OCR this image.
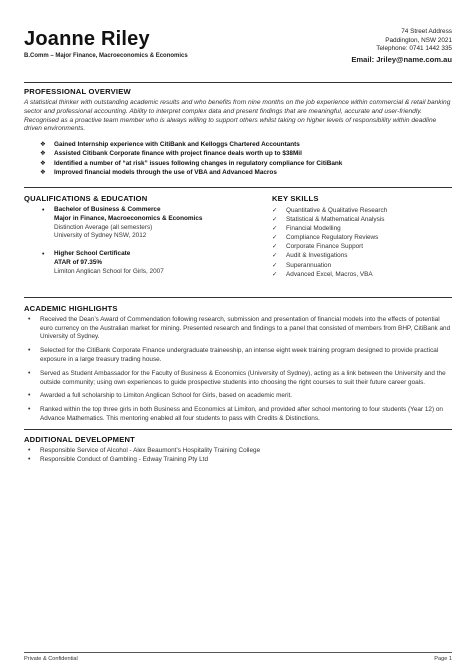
Joanne Riley
B.Comm – Major Finance, Macroeconomics & Economics
74 Street Address
Paddington, NSW 2021
Telephone: 0741 1442 335
Email: Jriley@name.com.au
PROFESSIONAL OVERVIEW
A statistical thinker with outstanding academic results and who benefits from nine months on the job experience within commercial & retail banking sector and professional accounting. Ability to interpret complex data and present findings that are meaningful, accurate and user-friendly. Recognised as a proactive team member who is always willing to support others whilst taking on higher levels of responsibility within deadline driven environments.
❖ Gained Internship experience with CitiBank and Kelloggs Chartered Accountants
❖ Assisted Citibank Corporate finance with project finance deals worth up to $38Mil
❖ Identified a number of “at risk” issues following changes in regulatory compliance for CitiBank
❖ Improved financial models through the use of VBA and Advanced Macros
QUALIFICATIONS & EDUCATION
• Bachelor of Business & Commerce
Major in Finance, Macroeconomics & Economics
Distinction Average (all semesters)
University of Sydney NSW, 2012
• Higher School Certificate
ATAR of 97.35%
Limiton Anglican School for Girls, 2007
KEY SKILLS
✓ Quantitative & Qualitative Research
✓ Statistical & Mathematical Analysis
✓ Financial Modelling
✓ Compliance Regulatory Reviews
✓ Corporate Finance Support
✓ Audit & Investigations
✓ Superannuation
✓ Advanced Excel, Macros, VBA
ACADEMIC HIGHLIGHTS
• Received the Dean’s Award of Commendation following research, submission and presentation of financial models into the effects of potential euro currency on the Australian market for mining. Presented research and findings to a panel that consisted of members from BHP, CitiBank and University of Sydney.
• Selected for the CitiBank Corporate Finance undergraduate traineeship, an intense eight week training program designed to provide practical exposure in a large treasury trading house.
• Served as Student Ambassador for the Faculty of Business & Economics (University of Sydney), acting as a link between the University and the outside community; using own experiences to guide prospective students into choosing the right courses to suit their future career goals.
• Awarded a full scholarship to Limiton Anglican School for Girls, based on academic merit.
• Ranked within the top three girls in both Business and Economics at Limiton, and provided after school mentoring to four students (Year 12) on Advance Mathematics. This mentoring enabled all four students to pass with Credits & Distinctions.
ADDITIONAL DEVELOPMENT
• Responsible Service of Alcohol - Alex Beaumont’s Hospitality Training College
• Responsible Conduct of Gambling - Edway Training Pty Ltd
Private & Confidential	Page 1
